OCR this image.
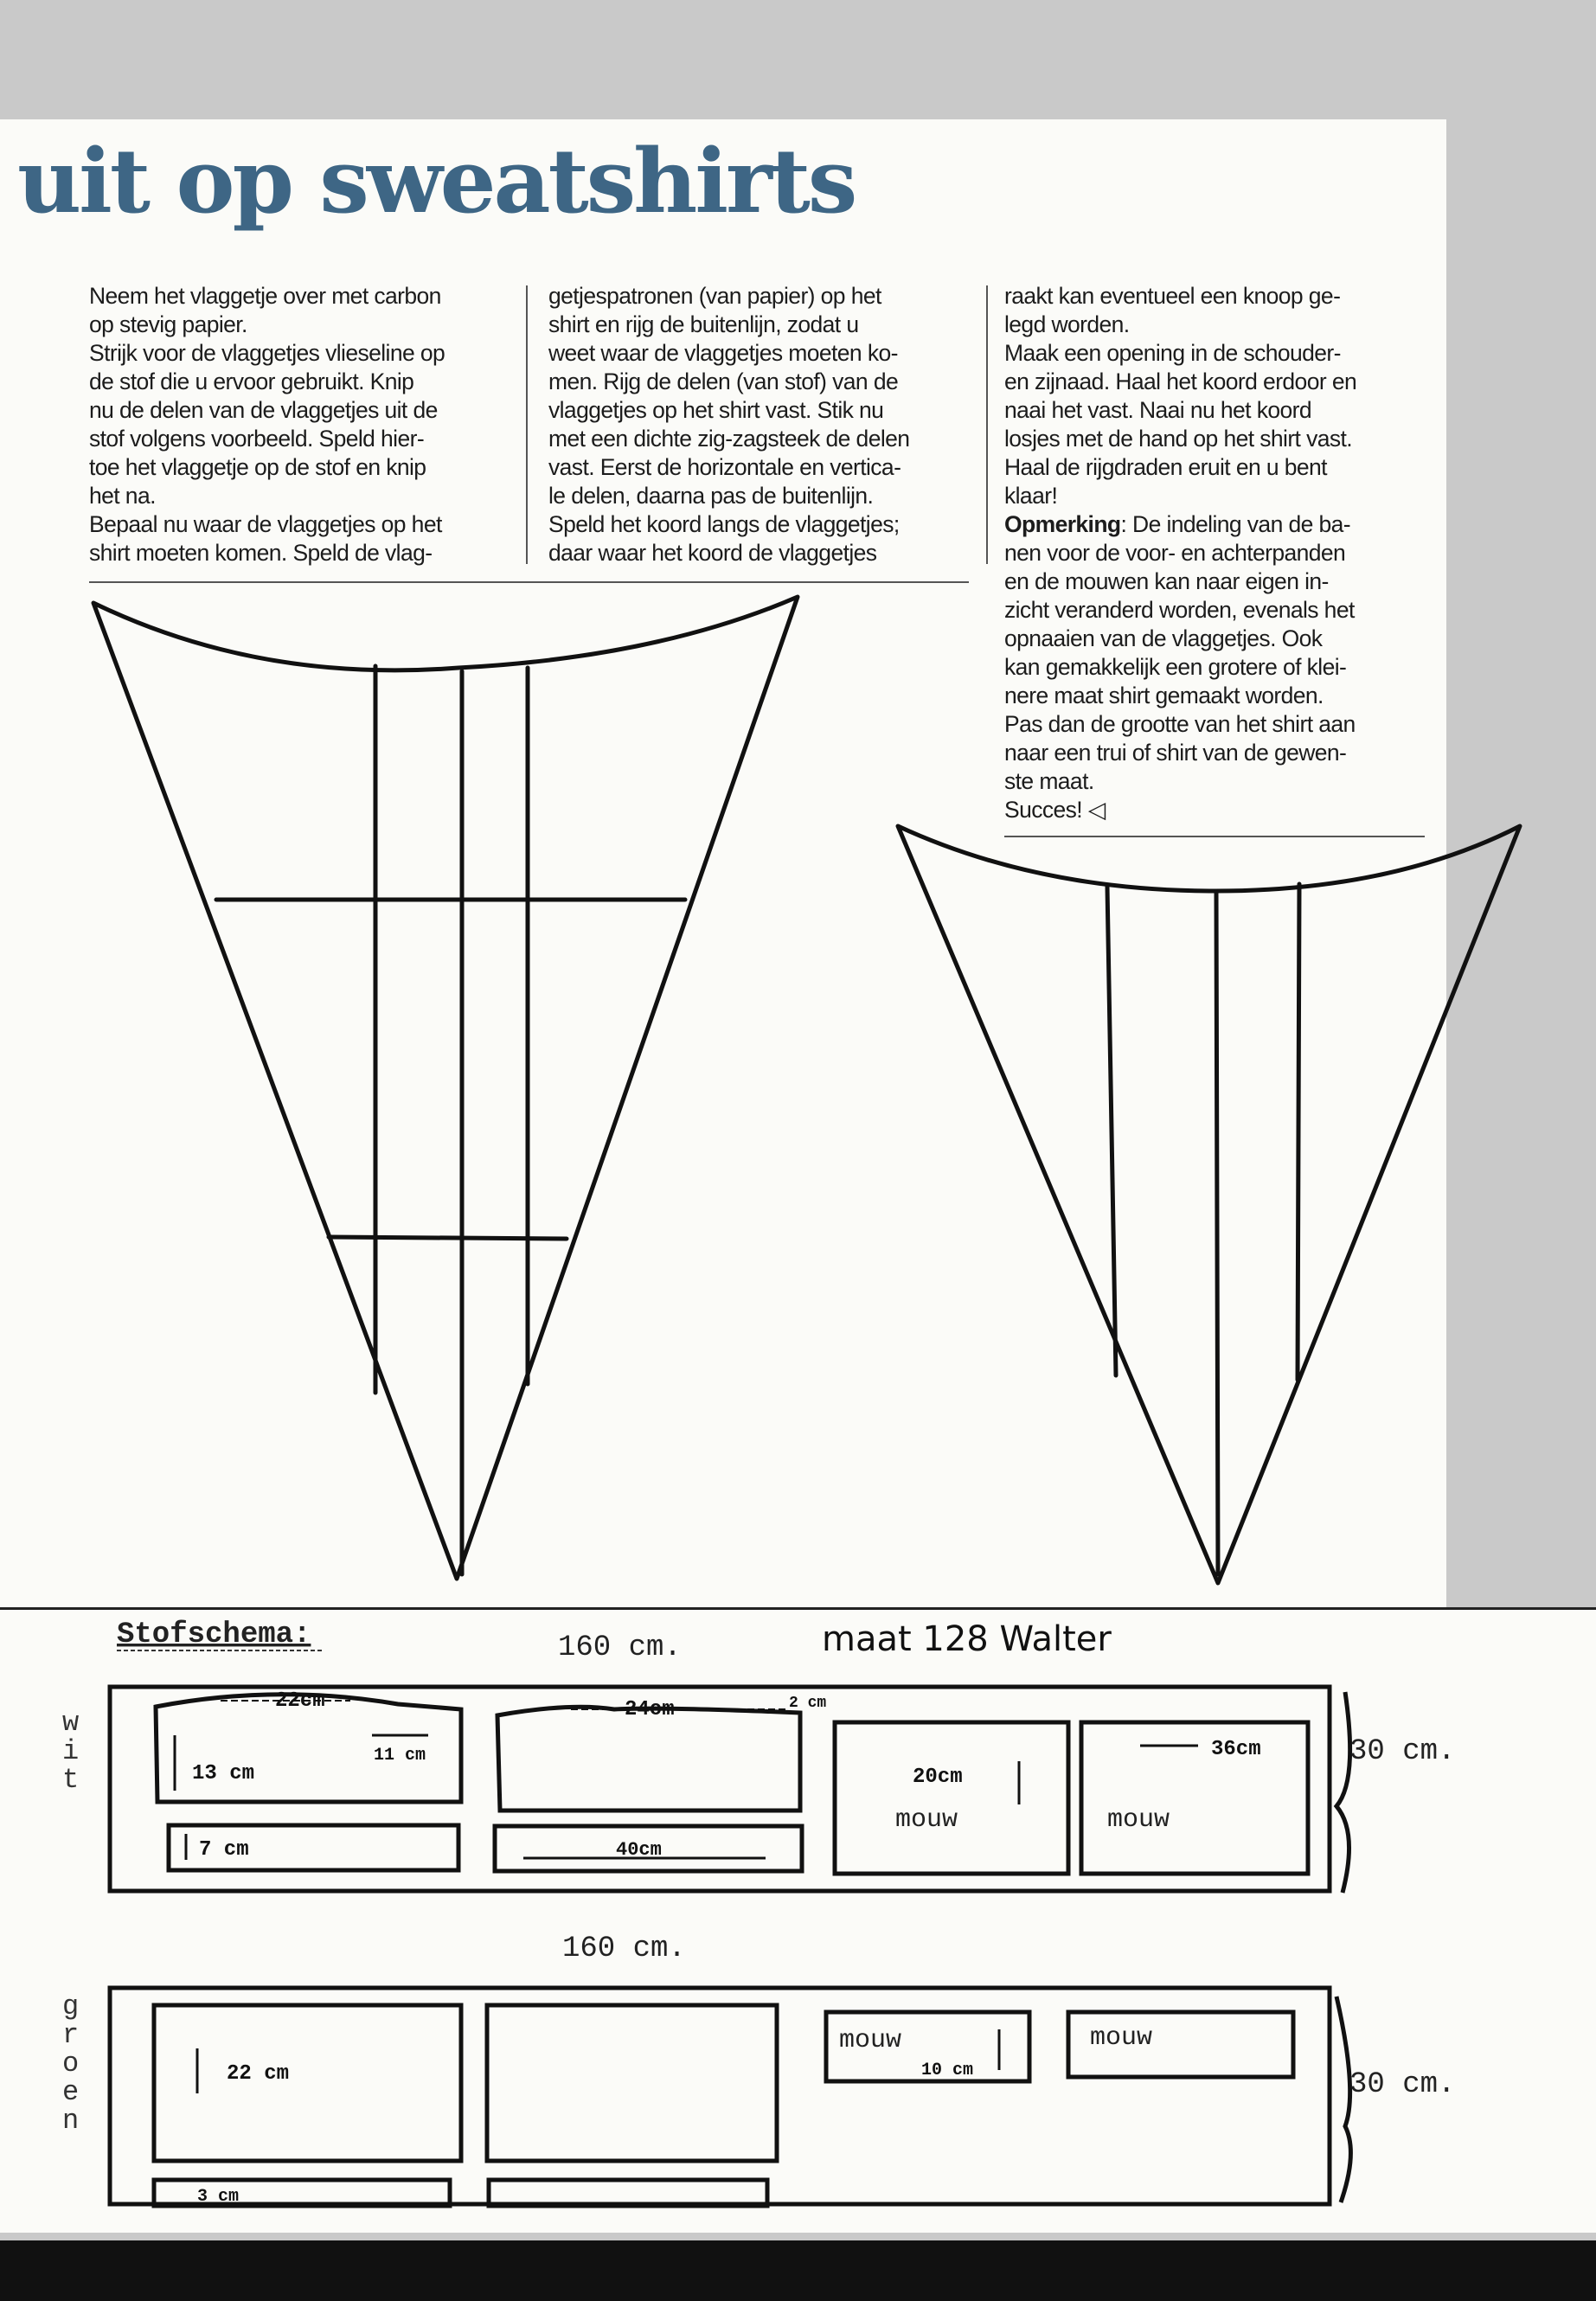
uit op sweatshirts

Neem het vlaggetje over met carbon

op stevig papier.

Strijk voor de vlaggetjes vlieseline op

de stof die u ervoor gebruikt. Knip

nu de delen van de vlaggetjes uit de

stof volgens voorbeeld. Speld hier-

toe het vlaggetje op de stof en knip

het na.

Bepaal nu waar de vlaggetjes op het

shirt moeten komen. Speld de vlag-

getjespatronen (van papier) op het

shirt en rijg de buitenlijn, zodat u

weet waar de vlaggetjes moeten ko-

men. Rijg de delen (van stof) van de

vlaggetjes op het shirt vast. Stik nu

met een dichte zig-zagsteek de delen

vast. Eerst de horizontale en vertica-

le delen, daarna pas de buitenlijn.

Speld het koord langs de vlaggetjes;

daar waar het koord de vlaggetjes

raakt kan eventueel een knoop ge-

legd worden.

Maak een opening in de schouder-

en zijnaad. Haal het koord erdoor en

naai het vast. Naai nu het koord

losjes met de hand op het shirt vast.

Haal de rijgdraden eruit en u bent

klaar!

Opmerking: De indeling van de ba-

nen voor de voor- en achterpanden

en de mouwen kan naar eigen in-

zicht veranderd worden, evenals het

opnaaien van de vlaggetjes. Ook

kan gemakkelijk een grotere of klei-

nere maat shirt gemaakt worden.

Pas dan de grootte van het shirt aan

naar een trui of shirt van de gewen-

ste maat.

Succes! ◁

Stofschema:	160 cm.	maat 128 Walter
w
i
t
22cm	24cm	2 cm
11 cm
13 cm
7 cm	40cm
20cm
36cm
mouw	mouw
30 cm.
160 cm.
g
r
o
e
n
22 cm
3 cm
10 cm
mouw	mouw
30 cm.
